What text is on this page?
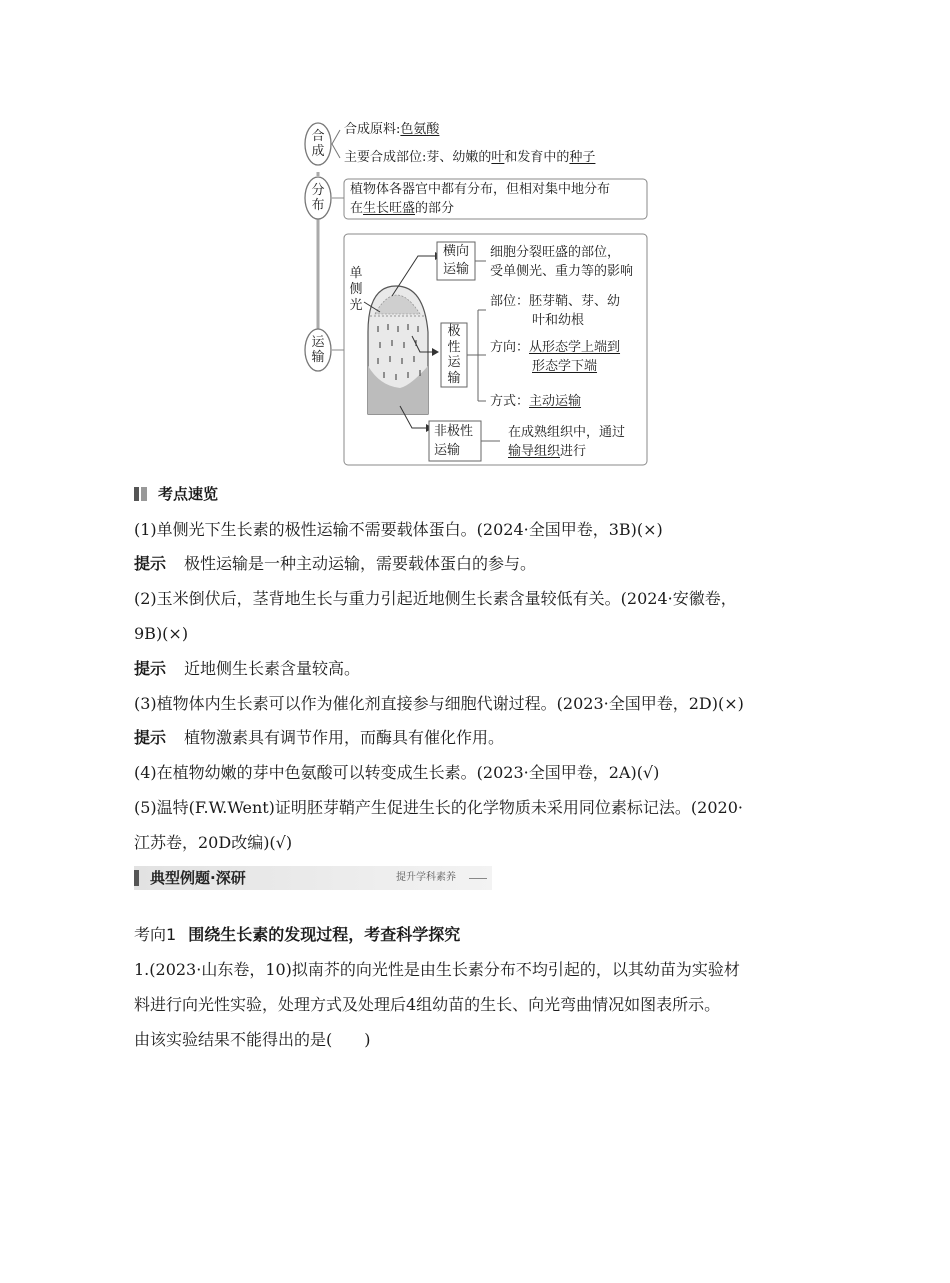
合成
分布
运输
合成原料:色氨酸
主要合成部位:芽、幼嫩的叶和发育中的种子
植物体各器官中都有分布，但相对集中地分布
在生长旺盛的部分
单侧光
横向运输
细胞分裂旺盛的部位，
受单侧光、重力等的影响
极性运输
部位：胚芽鞘、芽、幼
叶和幼根
方向：从形态学上端到
形态学下端
方式：主动运输
非极性
运输
在成熟组织中，通过
输导组织进行
考点速览
(1)单侧光下生长素的极性运输不需要载体蛋白。(2024·全国甲卷，3B)(×)
提示 极性运输是一种主动运输，需要载体蛋白的参与。
(2)玉米倒伏后，茎背地生长与重力引起近地侧生长素含量较低有关。(2024·安徽卷，
9B)(×)
提示 近地侧生长素含量较高。
(3)植物体内生长素可以作为催化剂直接参与细胞代谢过程。(2023·全国甲卷，2D)(×)
提示 植物激素具有调节作用，而酶具有催化作用。
(4)在植物幼嫩的芽中色氨酸可以转变成生长素。(2023·全国甲卷，2A)(√)
(5)温特(F.W.Went)证明胚芽鞘产生促进生长的化学物质未采用同位素标记法。(2020·
江苏卷，20D改编)(√)
典型例题·深研	提升学科素养
考向1 围绕生长素的发现过程，考查科学探究
1.(2023·山东卷，10)拟南芥的向光性是由生长素分布不均引起的，以其幼苗为实验材
料进行向光性实验，处理方式及处理后4组幼苗的生长、向光弯曲情况如图表所示。
由该实验结果不能得出的是(　　)
